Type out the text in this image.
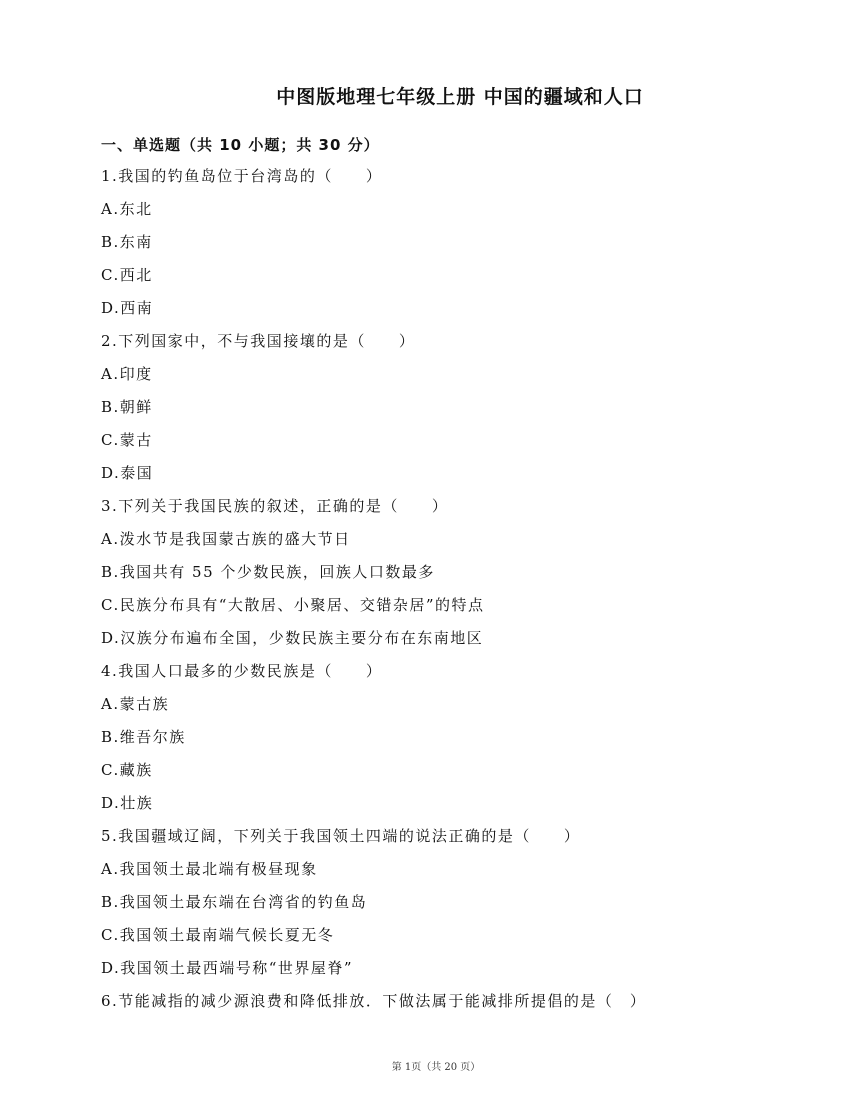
中图版地理七年级上册 中国的疆域和人口
一、单选题（共 10 小题；共 30 分）
1.我国的钓鱼岛位于台湾岛的（　　）
A.东北
B.东南
C.西北
D.西南
2.下列国家中，不与我国接壤的是（　　）
A.印度
B.朝鲜
C.蒙古
D.泰国
3.下列关于我国民族的叙述，正确的是（　　）
A.泼水节是我国蒙古族的盛大节日
B.我国共有 55 个少数民族，回族人口数最多
C.民族分布具有“大散居、小聚居、交错杂居”的特点
D.汉族分布遍布全国，少数民族主要分布在东南地区
4.我国人口最多的少数民族是（　　）
A.蒙古族
B.维吾尔族
C.藏族
D.壮族
5.我国疆域辽阔，下列关于我国领土四端的说法正确的是（　　）
A.我国领土最北端有极昼现象
B.我国领土最东端在台湾省的钓鱼岛
C.我国领土最南端气候长夏无冬
D.我国领土最西端号称“世界屋脊”
6.节能减指的减少源浪费和降低排放．下做法属于能减排所提倡的是（　）
第 1页（共 20 页）
